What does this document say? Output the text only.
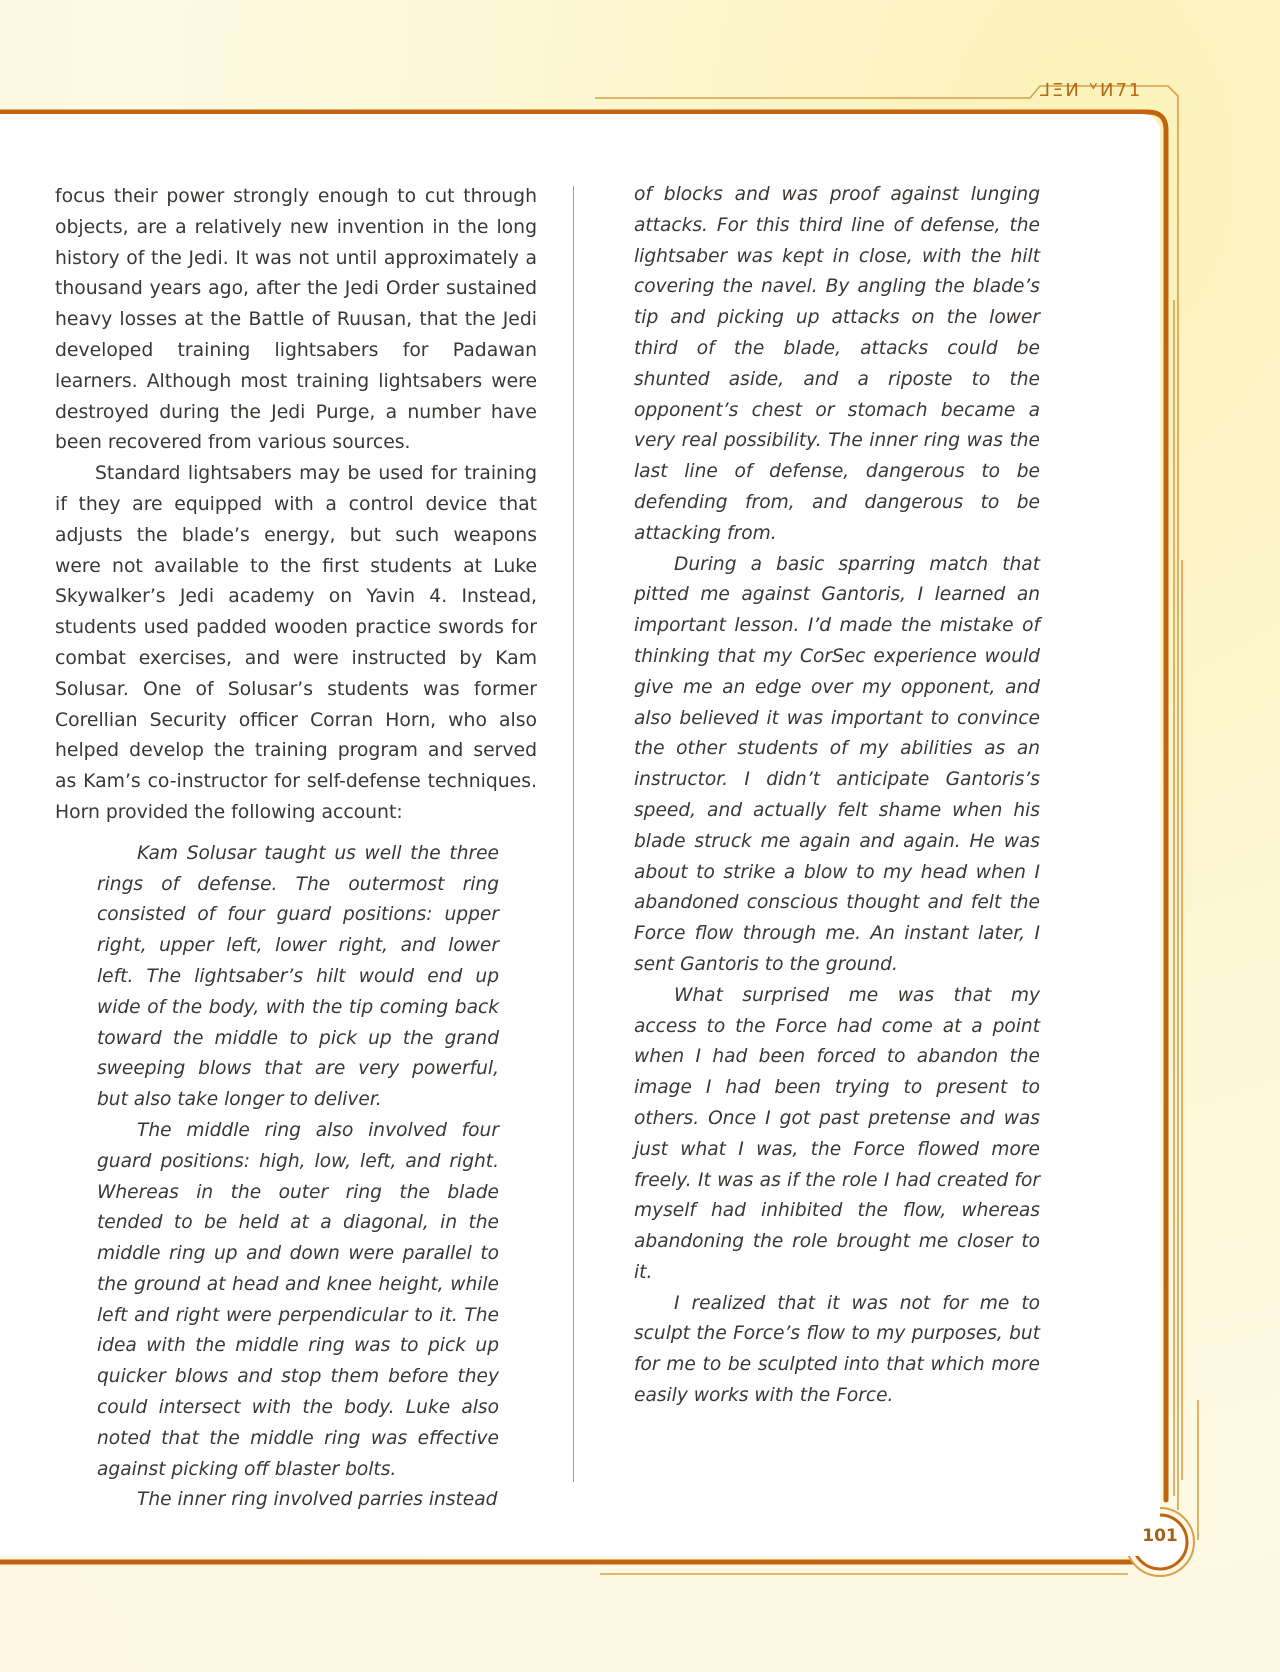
⅃ΞИ ᘁИ71

focus their power strongly enough to cut through objects, are a relatively new invention in the long history of the Jedi. It was not until approximately a thousand years ago, after the Jedi Order sustained heavy losses at the Battle of Ruusan, that the Jedi developed training lightsabers for Padawan learners. Although most training lightsabers were destroyed during the Jedi Purge, a number have been recovered from various sources.

Standard lightsabers may be used for training if they are equipped with a control device that adjusts the blade’s energy, but such weapons were not available to the first students at Luke Skywalker’s Jedi academy on Yavin 4. Instead, students used padded wooden practice swords for combat exercises, and were instructed by Kam Solusar. One of Solusar’s students was former Corellian Security officer Corran Horn, who also helped develop the training program and served as Kam’s co-instructor for self-defense techniques. Horn provided the following account:

Kam Solusar taught us well the three rings of defense. The outermost ring consisted of four guard positions: upper right, upper left, lower right, and lower left. The lightsaber’s hilt would end up wide of the body, with the tip coming back toward the middle to pick up the grand sweeping blows that are very powerful, but also take longer to deliver.

The middle ring also involved four guard positions: high, low, left, and right. Whereas in the outer ring the blade tended to be held at a diagonal, in the middle ring up and down were parallel to the ground at head and knee height, while left and right were perpendicular to it. The idea with the middle ring was to pick up quicker blows and stop them before they could intersect with the body. Luke also noted that the middle ring was effective against picking off blaster bolts.

The inner ring involved parries instead

of blocks and was proof against lunging attacks. For this third line of defense, the lightsaber was kept in close, with the hilt covering the navel. By angling the blade’s tip and picking up attacks on the lower third of the blade, attacks could be shunted aside, and a riposte to the opponent’s chest or stomach became a very real possibility. The inner ring was the last line of defense, dangerous to be defending from, and dangerous to be attacking from.

During a basic sparring match that pitted me against Gantoris, I learned an important lesson. I’d made the mistake of thinking that my CorSec experience would give me an edge over my opponent, and also believed it was important to convince the other students of my abilities as an instructor. I didn’t anticipate Gantoris’s speed, and actually felt shame when his blade struck me again and again. He was about to strike a blow to my head when I abandoned conscious thought and felt the Force flow through me. An instant later, I sent Gantoris to the ground.

What surprised me was that my access to the Force had come at a point when I had been forced to abandon the image I had been trying to present to others. Once I got past pretense and was just what I was, the Force flowed more freely. It was as if the role I had created for myself had inhibited the flow, whereas abandoning the role brought me closer to it.

I realized that it was not for me to sculpt the Force’s flow to my purposes, but for me to be sculpted into that which more easily works with the Force.

101
